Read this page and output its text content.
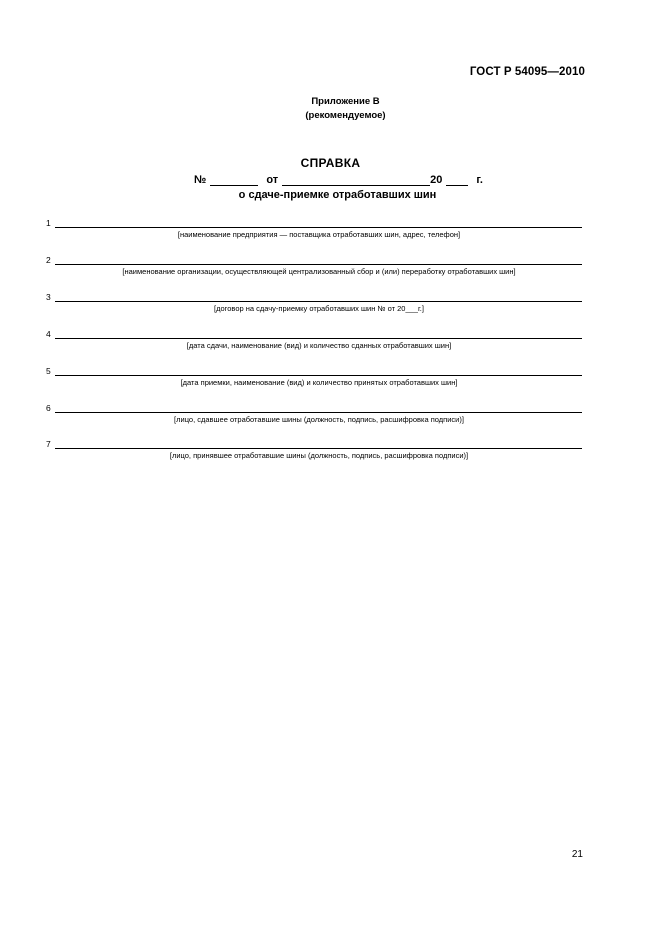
ГОСТ Р 54095—2010
Приложение В
(рекомендуемое)
СПРАВКА
№	от	20	г.
о сдаче-приемке отработавших шин
1
[наименование предприятия — поставщика отработавших шин, адрес, телефон]
2
[наименование организации, осуществляющей централизованный сбор и (или) переработку отработавших шин]
3
[договор на сдачу-приемку отработавших шин № от 20___г.]
4
[дата сдачи, наименование (вид) и количество сданных отработавших шин]
5
[дата приемки, наименование (вид) и количество принятых отработавших шин]
6
[лицо, сдавшее отработавшие шины (должность, подпись, расшифровка подписи)]
7
[лицо, принявшее отработавшие шины (должность, подпись, расшифровка подписи)]
21
